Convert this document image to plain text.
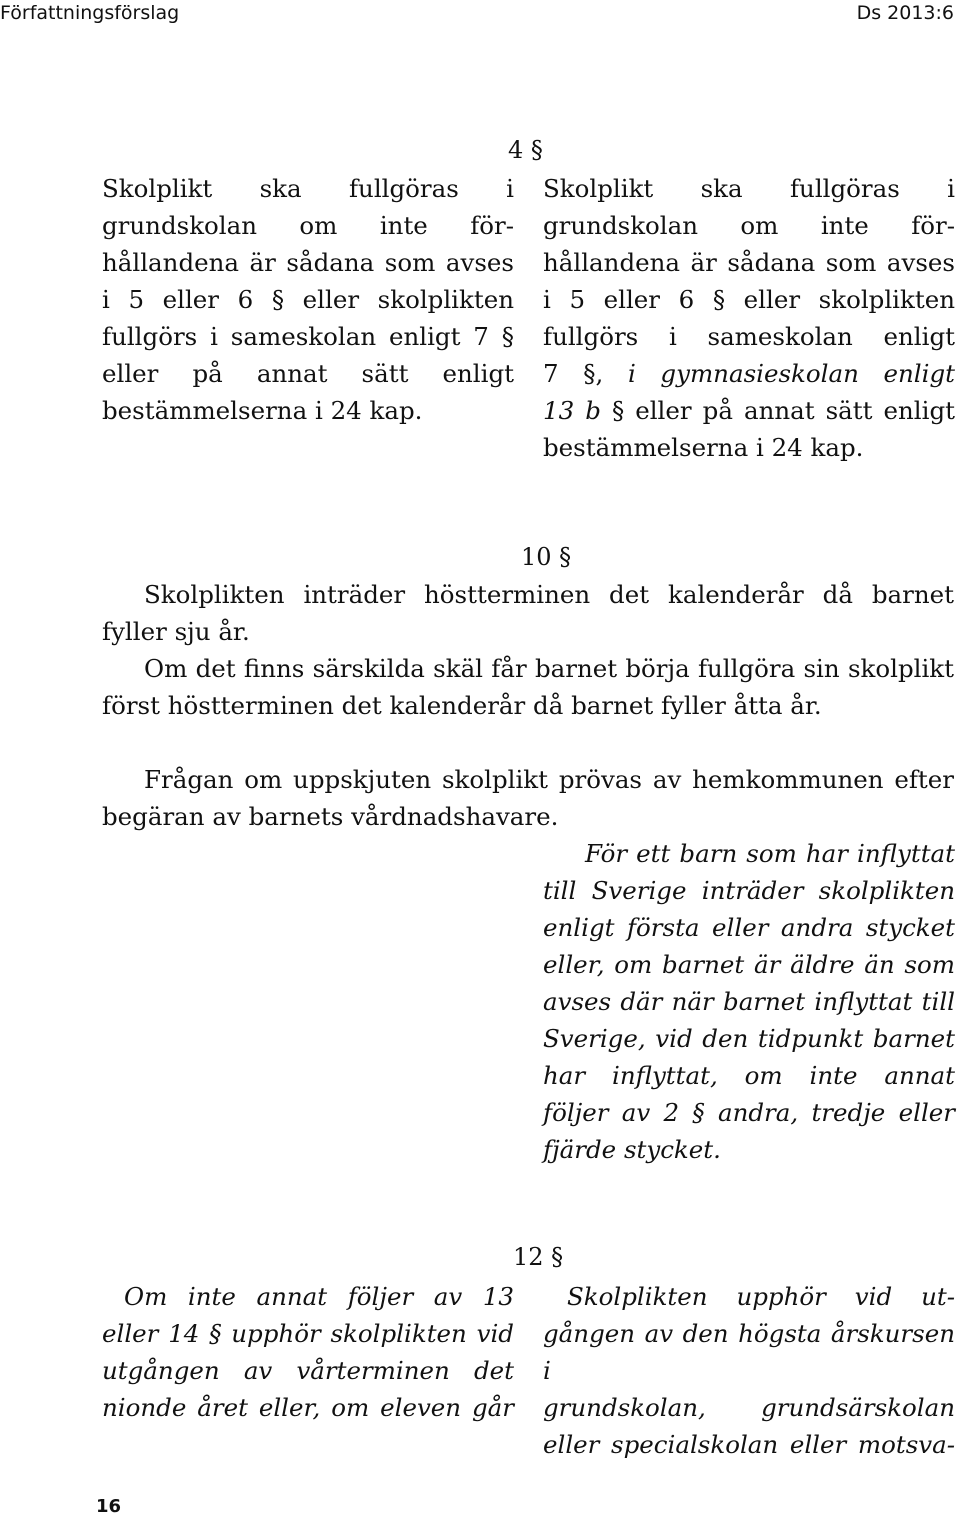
Författningsförslag	Ds 2013:6
4 §
Skolplikt ska fullgöras i
grundskolan om inte för-
hållandena är sådana som avses
i 5 eller 6 § eller skolplikten
fullgörs i sameskolan enligt 7 §
eller på annat sätt enligt
bestämmelserna i 24 kap.
Skolplikt ska fullgöras i
grundskolan om inte för-
hållandena är sådana som avses
i 5 eller 6 § eller skolplikten
fullgörs i sameskolan enligt
7 §, i gymnasieskolan enligt
13 b § eller på annat sätt enligt
bestämmelserna i 24 kap.
10 §
Skolplikten inträder höstterminen det kalenderår då barnet fyller sju år.
Om det finns särskilda skäl får barnet börja fullgöra sin skolplikt först höstterminen det kalenderår då barnet fyller åtta år.
Frågan om uppskjuten skolplikt prövas av hemkommunen efter begäran av barnets vårdnadshavare.
För ett barn som har inflyttat
till Sverige inträder skolplikten
enligt första eller andra stycket
eller, om barnet är äldre än som
avses där när barnet inflyttat till
Sverige, vid den tidpunkt barnet
har inflyttat, om inte annat
följer av 2 § andra, tredje eller
fjärde stycket.
12 §
Om inte annat följer av 13
eller 14 § upphör skolplikten vid
utgången av vårterminen det
nionde året eller, om eleven går
Skolplikten upphör vid ut-
gången av den högsta årskursen i
grundskolan, grundsärskolan
eller specialskolan eller motsva-
16
